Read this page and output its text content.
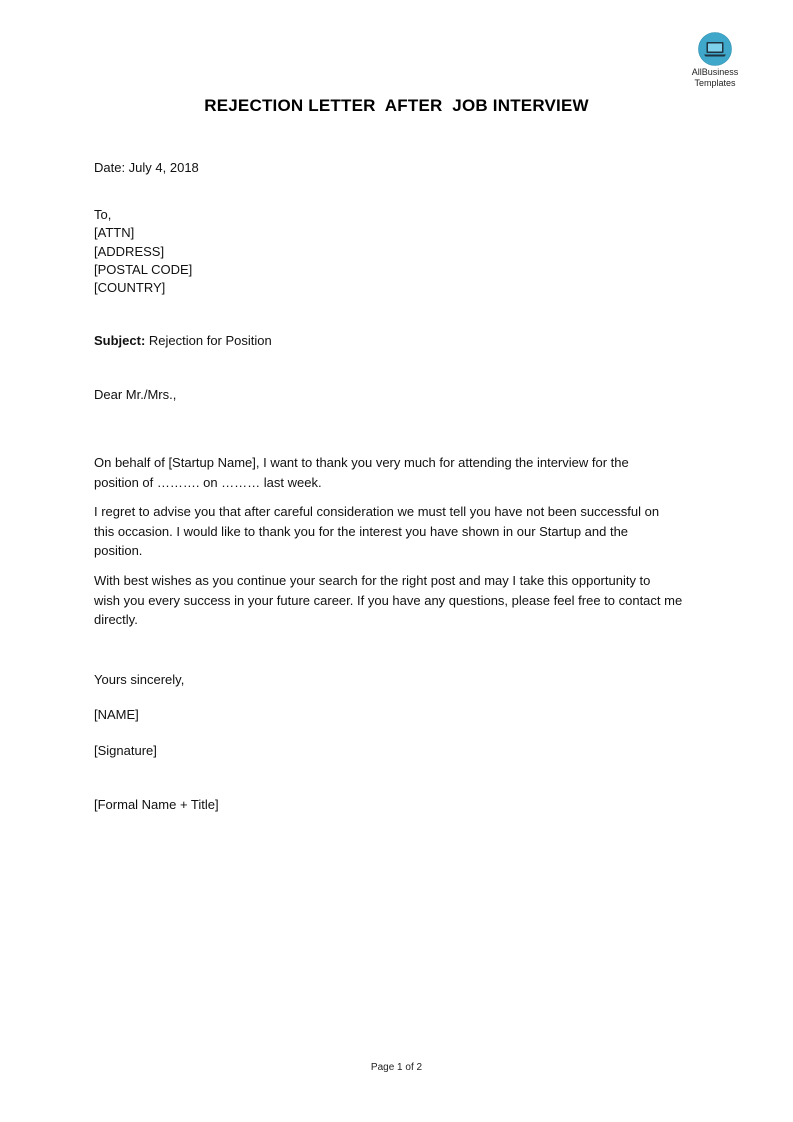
AllBusiness
Templates
REJECTION LETTER  AFTER  JOB INTERVIEW
Date: July 4, 2018
To,
[ATTN]
[ADDRESS]
[POSTAL CODE]
[COUNTRY]
Subject: Rejection for Position
Dear Mr./Mrs.,
On behalf of [Startup Name], I want to thank you very much for attending the interview for the
position of ………. on ……… last week.
I regret to advise you that after careful consideration we must tell you have not been successful on
this occasion. I would like to thank you for the interest you have shown in our Startup and the
position.
With best wishes as you continue your search for the right post and may I take this opportunity to
wish you every success in your future career. If you have any questions, please feel free to contact me
directly.
Yours sincerely,
[NAME]
[Signature]
[Formal Name + Title]
Page 1 of 2
